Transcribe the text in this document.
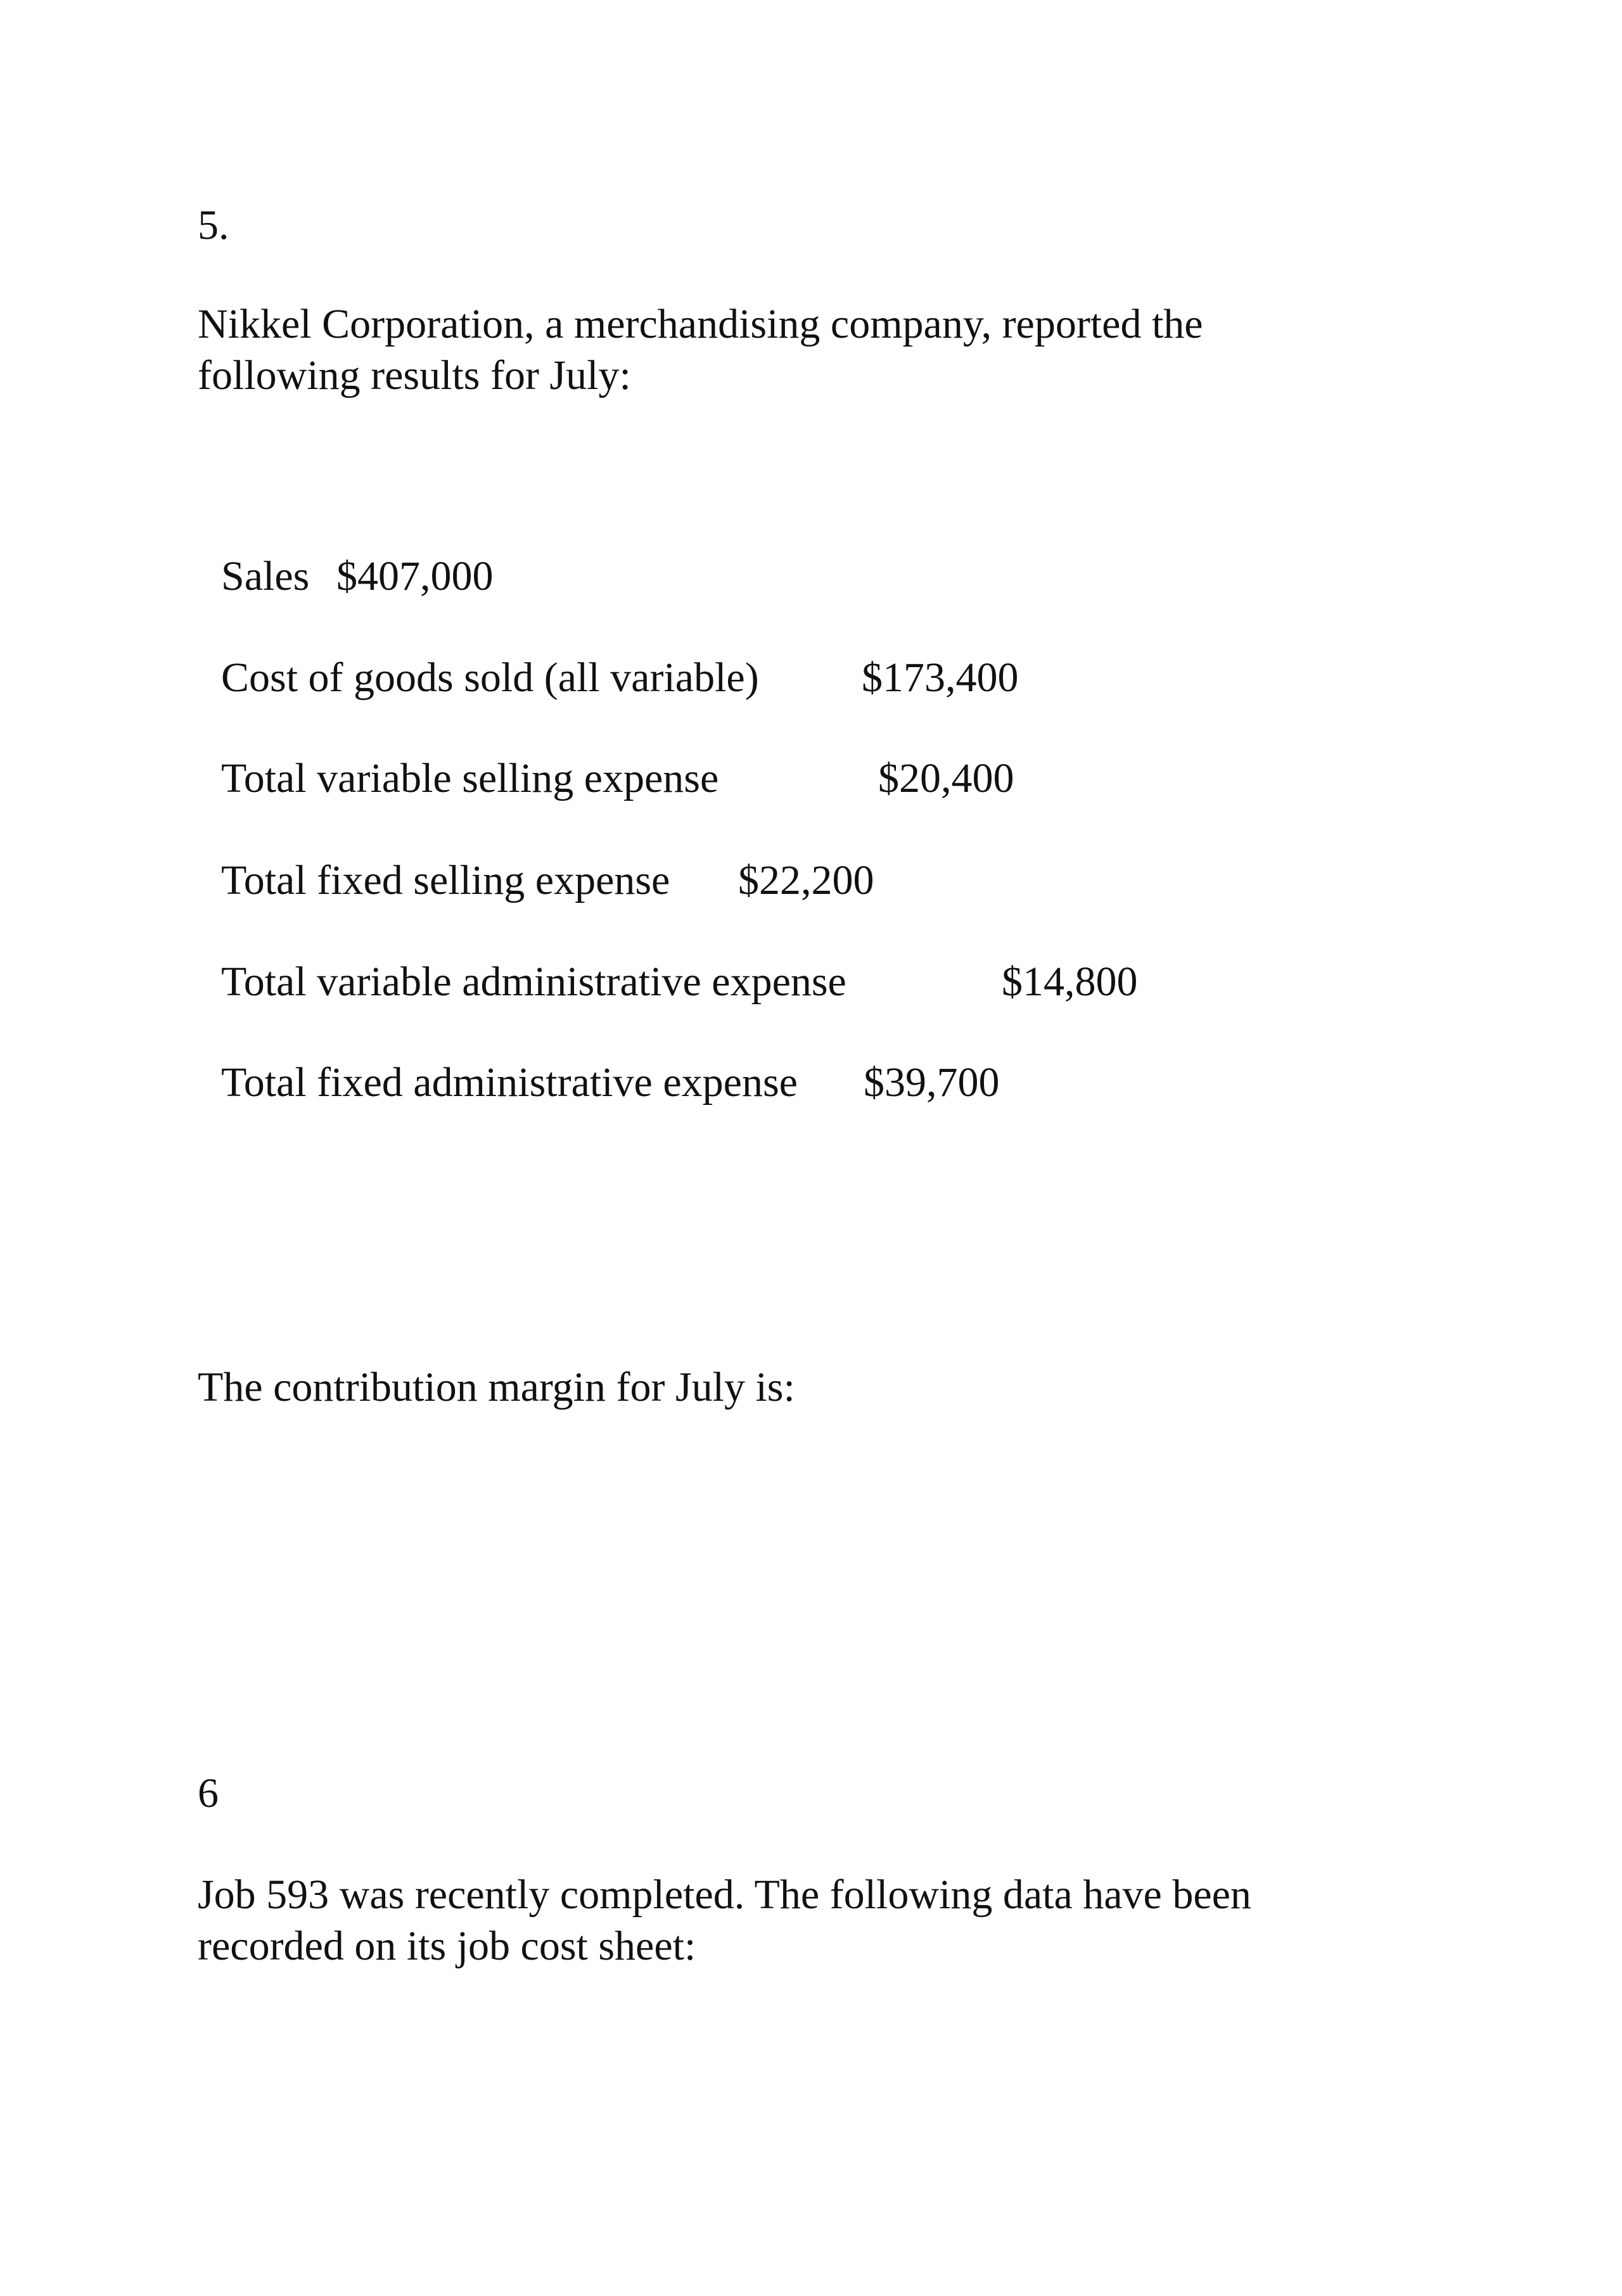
5.

Nikkel Corporation, a merchandising company, reported the
following results for July:

Sales $407,000

Cost of goods sold (all variable) $173,400

Total variable selling expense	$20,400

Total fixed selling expense $22,200

Total variable administrative expense	$14,800

Total fixed administrative expense $39,700

The contribution margin for July is:

6

Job 593 was recently completed. The following data have been
recorded on its job cost sheet:
